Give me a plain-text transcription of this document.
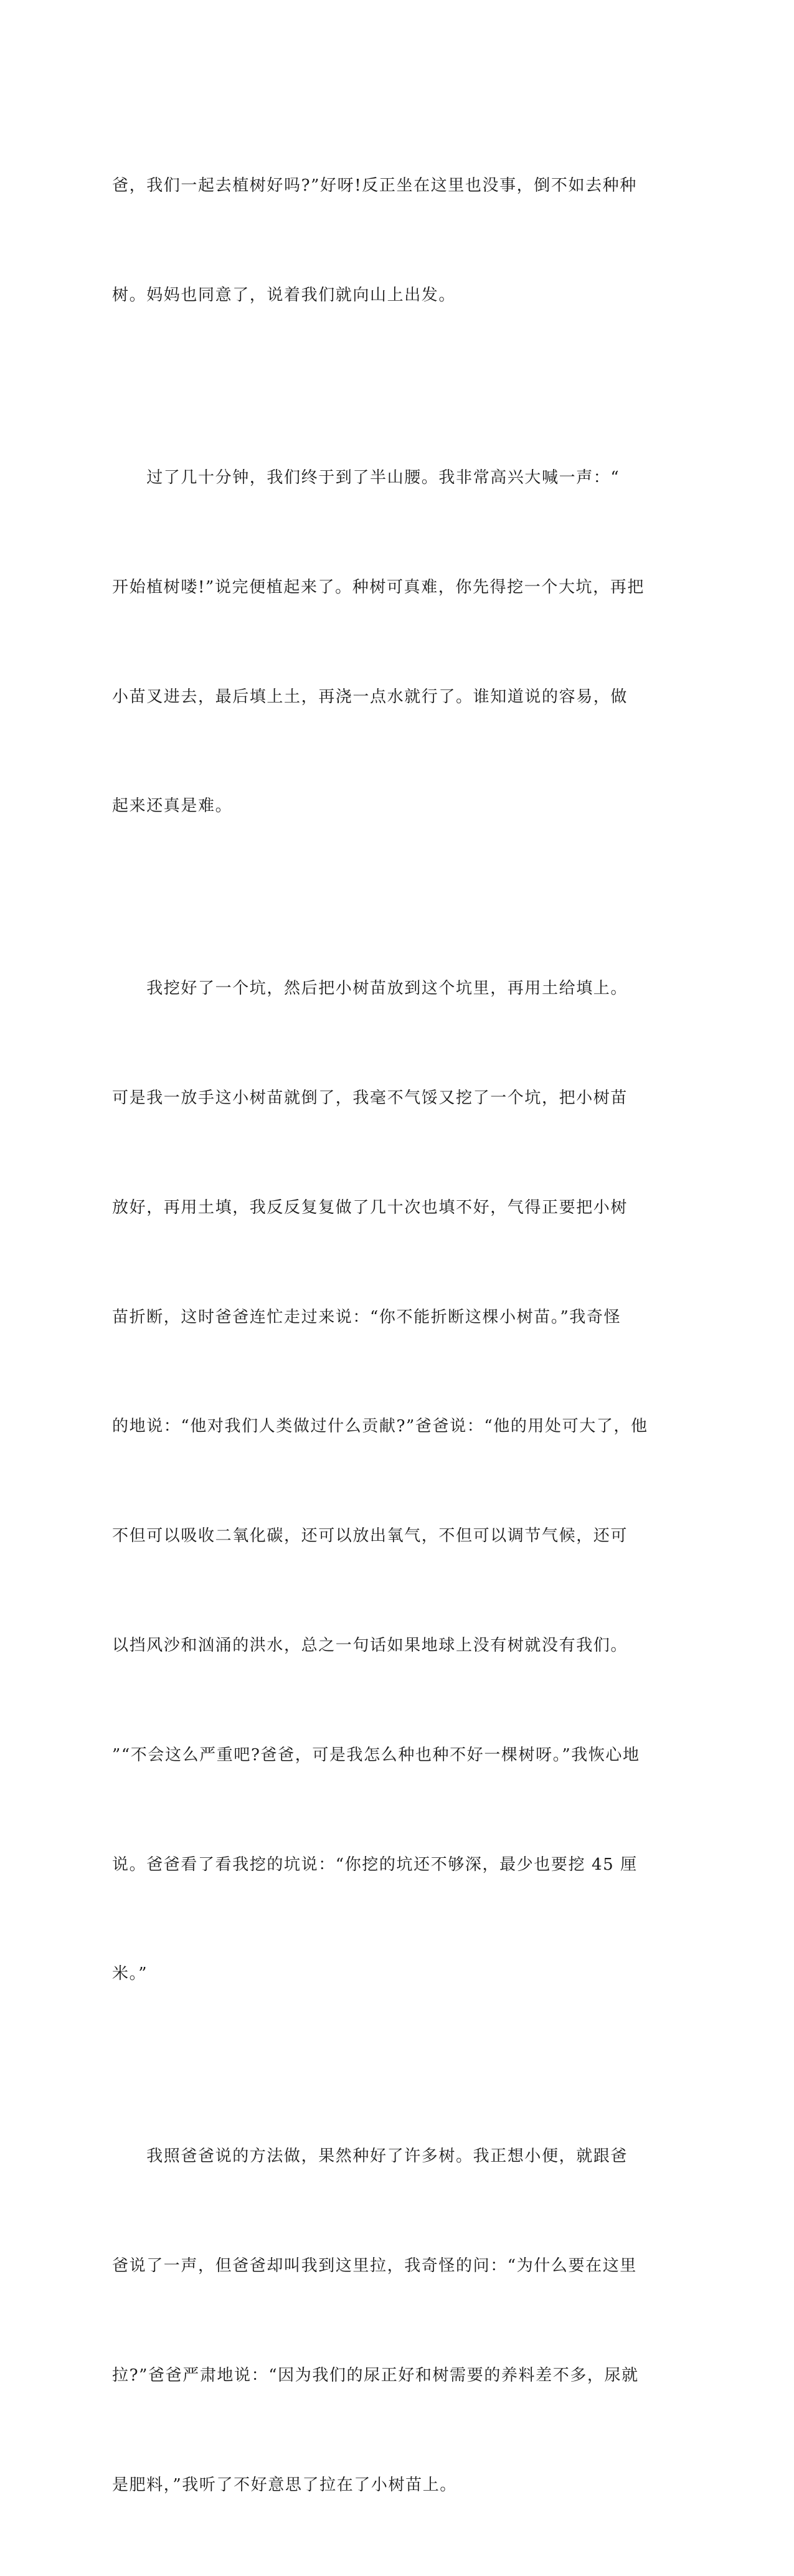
爸，我们一起去植树好吗?”好呀!反正坐在这里也没事，倒不如去种种

树。妈妈也同意了，说着我们就向山上出发。

　　过了几十分钟，我们终于到了半山腰。我非常高兴大喊一声：“

开始植树喽!”说完便植起来了。种树可真难，你先得挖一个大坑，再把

小苗叉进去，最后填上土，再浇一点水就行了。谁知道说的容易，做

起来还真是难。

　　我挖好了一个坑，然后把小树苗放到这个坑里，再用土给填上。

可是我一放手这小树苗就倒了，我毫不气馁又挖了一个坑，把小树苗

放好，再用土填，我反反复复做了几十次也填不好，气得正要把小树

苗折断，这时爸爸连忙走过来说：“你不能折断这棵小树苗。”我奇怪

的地说：“他对我们人类做过什么贡献?”爸爸说：“他的用处可大了，他

不但可以吸收二氧化碳，还可以放出氧气，不但可以调节气候，还可

以挡风沙和汹涌的洪水，总之一句话如果地球上没有树就没有我们。

”“不会这么严重吧?爸爸，可是我怎么种也种不好一棵树呀。”我恢心地

说。爸爸看了看我挖的坑说：“你挖的坑还不够深，最少也要挖 45 厘

米。”

　　我照爸爸说的方法做，果然种好了许多树。我正想小便，就跟爸

爸说了一声，但爸爸却叫我到这里拉，我奇怪的问：“为什么要在这里

拉?”爸爸严肃地说：“因为我们的尿正好和树需要的养料差不多，尿就

是肥料，”我听了不好意思了拉在了小树苗上。
